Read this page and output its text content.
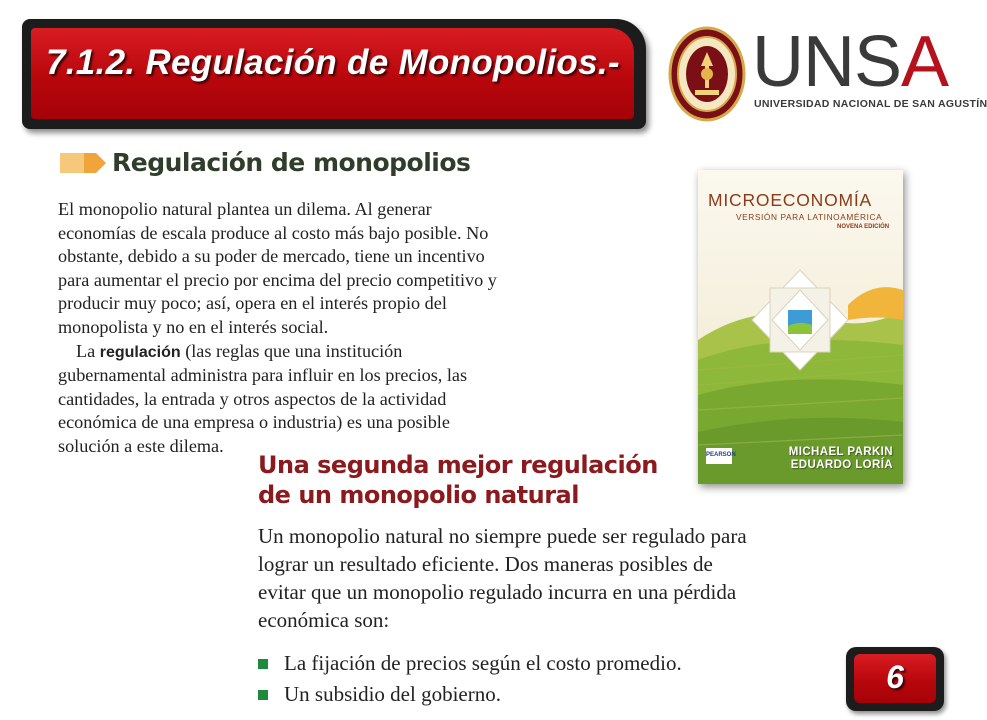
7.1.2. Regulación de Monopolios.- UNSA
UNIVERSIDAD NACIONAL DE SAN AGUSTÍN
Regulación de monopolios

El monopolio natural plantea un dilema. Al generar economías de escala produce al costo más bajo posible. No obstante, debido a su poder de mercado, tiene un incentivo para aumentar el precio por encima del precio competitivo y producir muy poco; así, opera en el interés propio del monopolista y no en el interés social.

La regulación (las reglas que una institución gubernamental administra para influir en los precios, las cantidades, la entrada y otros aspectos de la actividad económica de una empresa o industria) es una posible solución a este dilema.

MICROECONOMÍA
VERSIÓN PARA LATINOAMÉRICA
NOVENA EDICIÓN
PEARSON	MICHAEL PARKIN
EDUARDO LORÍA
Una segunda mejor regulación de un monopolio natural
Un monopolio natural no siempre puede ser regulado para lograr un resultado eficiente. Dos maneras posibles de evitar que un monopolio regulado incurra en una pérdida económica son:
La fijación de precios según el costo promedio.
Un subsidio del gobierno.	6
